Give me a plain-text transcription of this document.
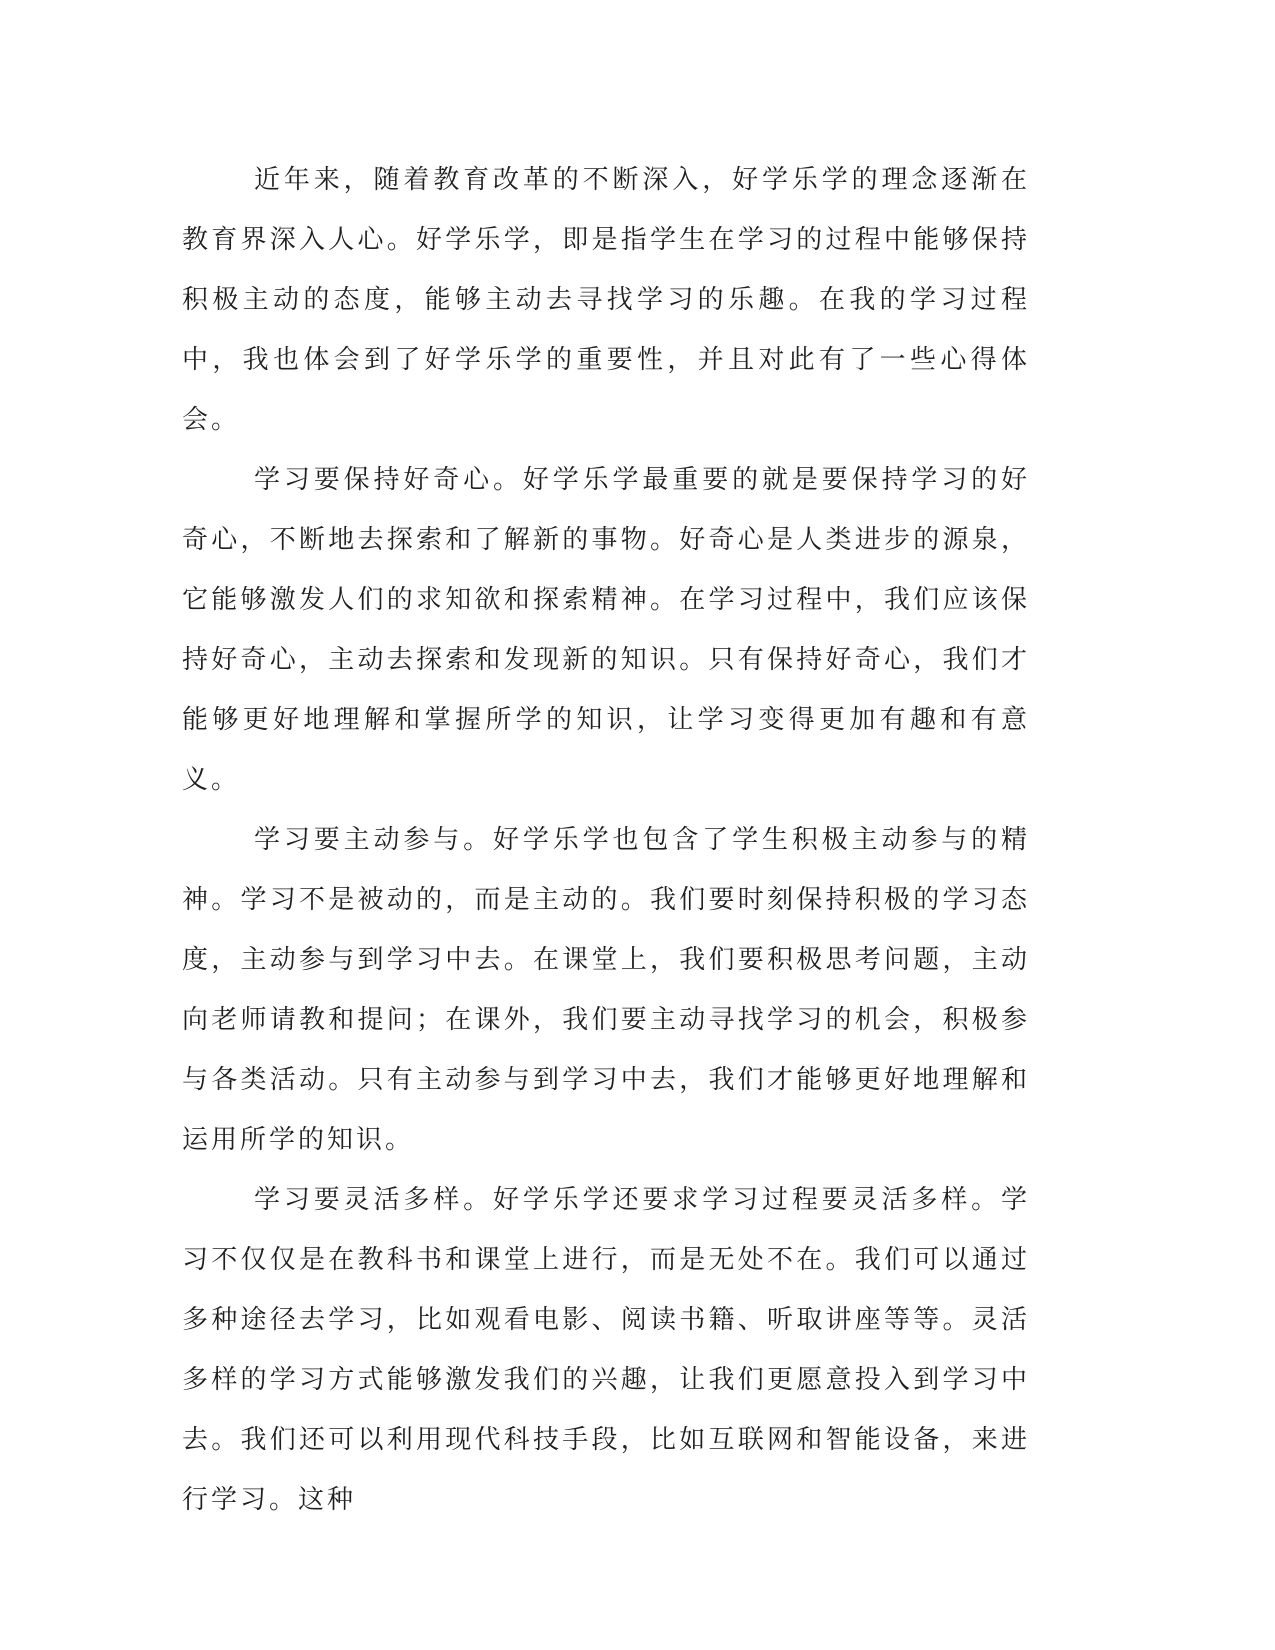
近年来，随着教育改革的不断深入，好学乐学的理念逐渐在教育界深入人心。好学乐学，即是指学生在学习的过程中能够保持积极主动的态度，能够主动去寻找学习的乐趣。在我的学习过程中，我也体会到了好学乐学的重要性，并且对此有了一些心得体会。

学习要保持好奇心。好学乐学最重要的就是要保持学习的好奇心，不断地去探索和了解新的事物。好奇心是人类进步的源泉，它能够激发人们的求知欲和探索精神。在学习过程中，我们应该保持好奇心，主动去探索和发现新的知识。只有保持好奇心，我们才能够更好地理解和掌握所学的知识，让学习变得更加有趣和有意义。

学习要主动参与。好学乐学也包含了学生积极主动参与的精神。学习不是被动的，而是主动的。我们要时刻保持积极的学习态度，主动参与到学习中去。在课堂上，我们要积极思考问题，主动向老师请教和提问；在课外，我们要主动寻找学习的机会，积极参与各类活动。只有主动参与到学习中去，我们才能够更好地理解和运用所学的知识。

学习要灵活多样。好学乐学还要求学习过程要灵活多样。学习不仅仅是在教科书和课堂上进行，而是无处不在。我们可以通过多种途径去学习，比如观看电影、阅读书籍、听取讲座等等。灵活多样的学习方式能够激发我们的兴趣，让我们更愿意投入到学习中去。我们还可以利用现代科技手段，比如互联网和智能设备，来进行学习。这种
